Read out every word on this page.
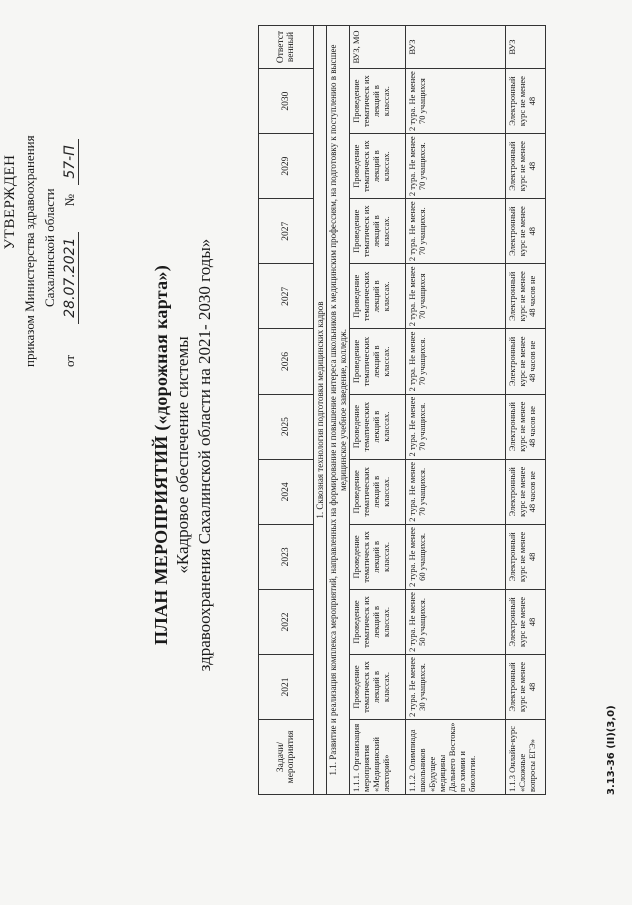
УТВЕРЖДЕН приказом Министерства здравоохранения Сахалинской области
от 28.07.2021 № 57-П
ПЛАН МЕРОПРИЯТИЙ («дорожная карта») «Кадровое обеспечение системы здравоохранения Сахалинской области на 2021- 2030 годы»
Задачи/ мероприятия	2021	2022	2023	2024	2025	2026	2027	2027	2029	2030	Ответст венный
1. Сквозная технология подготовки медицинских кадров											
1.1. Развитие и реализация комплекса мероприятий, направленных на формирование и повышение интереса школьников к медицинским профессиям, на подготовку к поступлению в высшее медицинское учебное заведение, колледж.											
1.1.1. Организация мероприятия «Медицинский лекторий»	Проведение тематическ их лекций в классах.	Проведение тематическ их лекций в классах.	Проведение тематическ их лекций в классах.	Проведение тематических лекций в классах.	Проведение тематических лекций в классах.	Проведение тематических лекций в классах.	Проведение тематических лекций в классах.	Проведение тематическ их лекций в классах.	Проведение тематическ их лекций в классах.	Проведение тематическ их лекций в классах.	ВУЗ, МО
1.1.2. Олимпиада школьников «Будущее медицины Дальнего Востока» по химии и биологии.	2 тура. Не менее 30 учащихся.	2 тура. Не менее 50 учащихся.	2 тура. Не менее 60 учащихся.	2 тура. Не менее 70 учащихся.	2 тура. Не менее 70 учащихся.	2 тура. Не менее 70 учащихся.	2 тура. Не менее 70 учащихся	2 тура. Не менее 70 учащихся.	2 тура. Не менее 70 учащихся.	2 тура. Не менее 70 учащихся	ВУЗ
1.1.3 Онлайн-курс «Сложные вопросы ЕГЭ»	Электронный курс не менее 48	Электронный курс не менее 48	Электронный курс не менее 48	Электронный курс не менее 48 часов не	Электронный курс не менее 48 часов не	Электронный курс не менее 48 часов не	Электронный курс не менее 48 часов не	Электронный курс не менее 48	Электронный курс не менее 48	Электронный курс не менее 48	ВУЗ
3.13-36 (II)(3,0)
